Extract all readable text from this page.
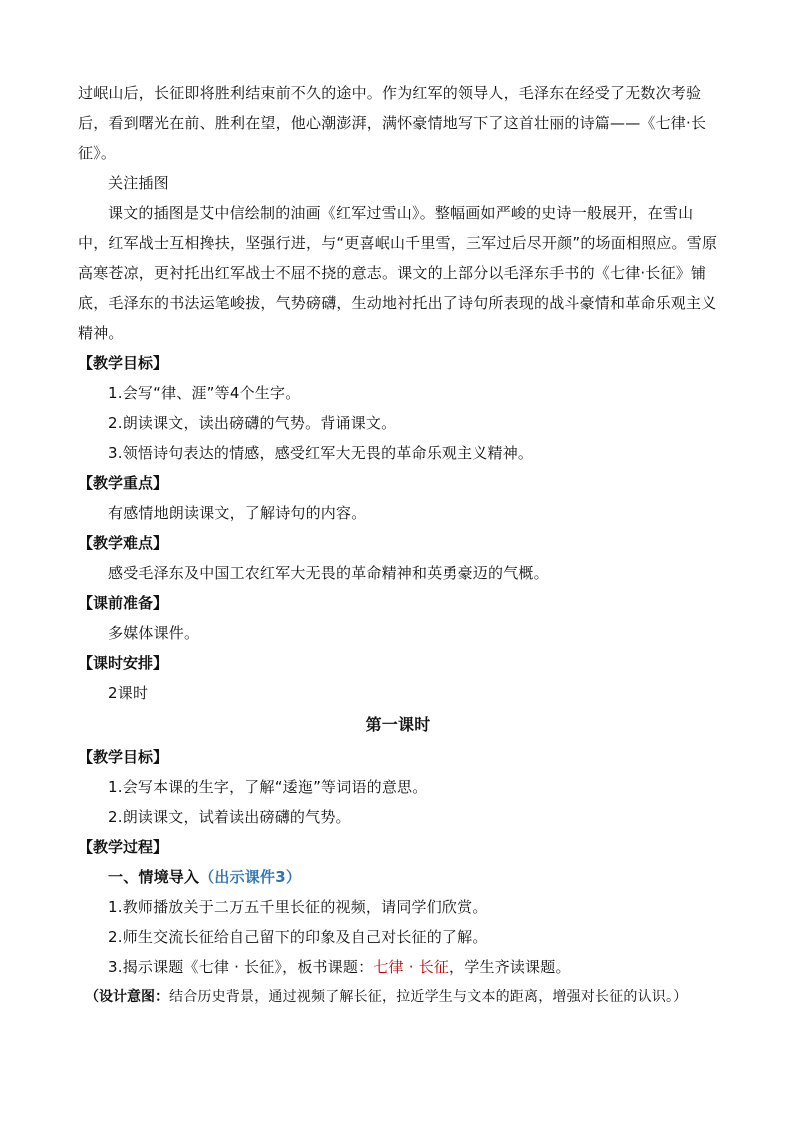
过岷山后，长征即将胜利结束前不久的途中。作为红军的领导人，毛泽东在经受了无数次考验后，看到曙光在前、胜利在望，他心潮澎湃，满怀豪情地写下了这首壮丽的诗篇——《七律·长征》。

关注插图

课文的插图是艾中信绘制的油画《红军过雪山》。整幅画如严峻的史诗一般展开，在雪山中，红军战士互相搀扶，坚强行进，与“更喜岷山千里雪，三军过后尽开颜”的场面相照应。雪原高寒苍凉，更衬托出红军战士不屈不挠的意志。课文的上部分以毛泽东手书的《七律·长征》铺底，毛泽东的书法运笔峻拔，气势磅礴，生动地衬托出了诗句所表现的战斗豪情和革命乐观主义精神。

【教学目标】

1.会写“律、涯”等4个生字。

2.朗读课文，读出磅礴的气势。背诵课文。

3.领悟诗句表达的情感，感受红军大无畏的革命乐观主义精神。

【教学重点】

有感情地朗读课文，了解诗句的内容。

【教学难点】

感受毛泽东及中国工农红军大无畏的革命精神和英勇豪迈的气概。

【课前准备】

多媒体课件。

【课时安排】

2课时

第一课时

【教学目标】

1.会写本课的生字，了解“逶迤”等词语的意思。

2.朗读课文，试着读出磅礴的气势。

【教学过程】

一、情境导入（出示课件3）

1.教师播放关于二万五千里长征的视频，请同学们欣赏。

2.师生交流长征给自己留下的印象及自己对长征的了解。

3.揭示课题《七律 · 长征》，板书课题：七律 · 长征，学生齐读课题。

（设计意图：结合历史背景，通过视频了解长征，拉近学生与文本的距离，增强对长征的认识。）
